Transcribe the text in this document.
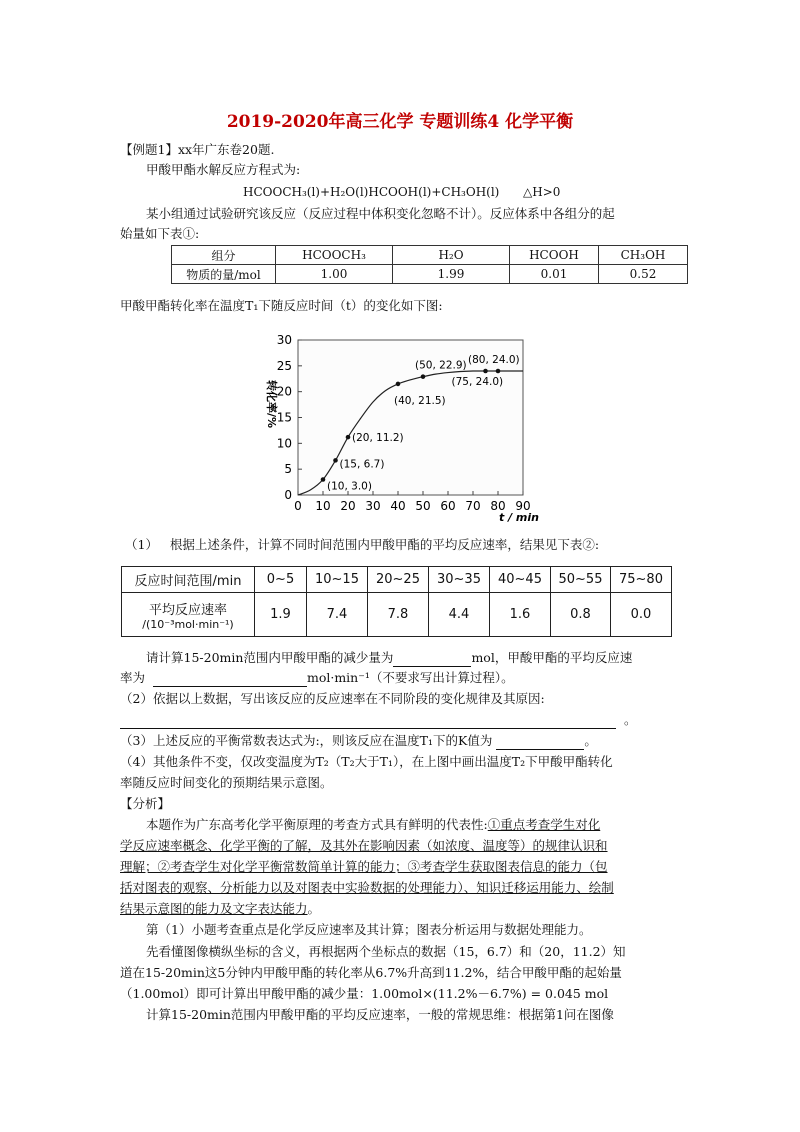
2019-2020年高三化学 专题训练4 化学平衡
【例题1】xx年广东卷20题.
甲酸甲酯水解反应方程式为:
HCOOCH₃(l)+H₂O(l)HCOOH(l)+CH₃OH(l) △H>0
某小组通过试验研究该反应（反应过程中体积变化忽略不计）。反应体系中各组分的起
始量如下表①:
组分	HCOOCH₃	H₂O	HCOOH	CH₃OH
物质的量/mol	1.00	1.99	0.01	0.52
甲酸甲酯转化率在温度T₁下随反应时间（t）的变化如下图:
0 10 20 30 40 50 60 70 80 90
0
5
10
15
20
25
30
(10, 3.0)
(15, 6.7)
(20, 11.2)
(40, 21.5)
(50, 22.9)
(75, 24.0)
(80, 24.0)
t / min
转化率/%
（1） 根据上述条件，计算不同时间范围内甲酸甲酯的平均反应速率，结果见下表②:
反应时间范围/min	0~5	10~15	20~25	30~35	40~45	50~55	75~80

平均反应速率
/(10⁻³mol·min⁻¹)	1.9	7.4	7.8	4.4	1.6	0.8	0.0
请计算15-20min范围内甲酸甲酯的减少量为	mol，甲酸甲酯的平均反应速
率为	mol·min⁻¹（不要求写出计算过程）。
（2）依据以上数据，写出该反应的反应速率在不同阶段的变化规律及其原因:
。
（3）上述反应的平衡常数表达式为:，则该反应在温度T₁下的K值为	。
（4）其他条件不变，仅改变温度为T₂（T₂大于T₁），在上图中画出温度T₂下甲酸甲酯转化
率随反应时间变化的预期结果示意图。
【分析】
本题作为广东高考化学平衡原理的考查方式具有鲜明的代表性:①重点考查学生对化
学反应速率概念、化学平衡的了解，及其外在影响因素（如浓度、温度等）的规律认识和
理解；②考查学生对化学平衡常数简单计算的能力；③考查学生获取图表信息的能力（包
括对图表的观察、分析能力以及对图表中实验数据的处理能力）、知识迁移运用能力、绘制
结果示意图的能力及文字表达能力。
第（1）小题考查重点是化学反应速率及其计算；图表分析运用与数据处理能力。
先看懂图像横纵坐标的含义，再根据两个坐标点的数据（15，6.7）和（20，11.2）知
道在15-20min这5分钟内甲酸甲酯的转化率从6.7%升高到11.2%，结合甲酸甲酯的起始量
（1.00mol）即可计算出甲酸甲酯的减少量：1.00mol×(11.2%－6.7%) = 0.045 mol
计算15-20min范围内甲酸甲酯的平均反应速率，一般的常规思维：根据第1问在图像
